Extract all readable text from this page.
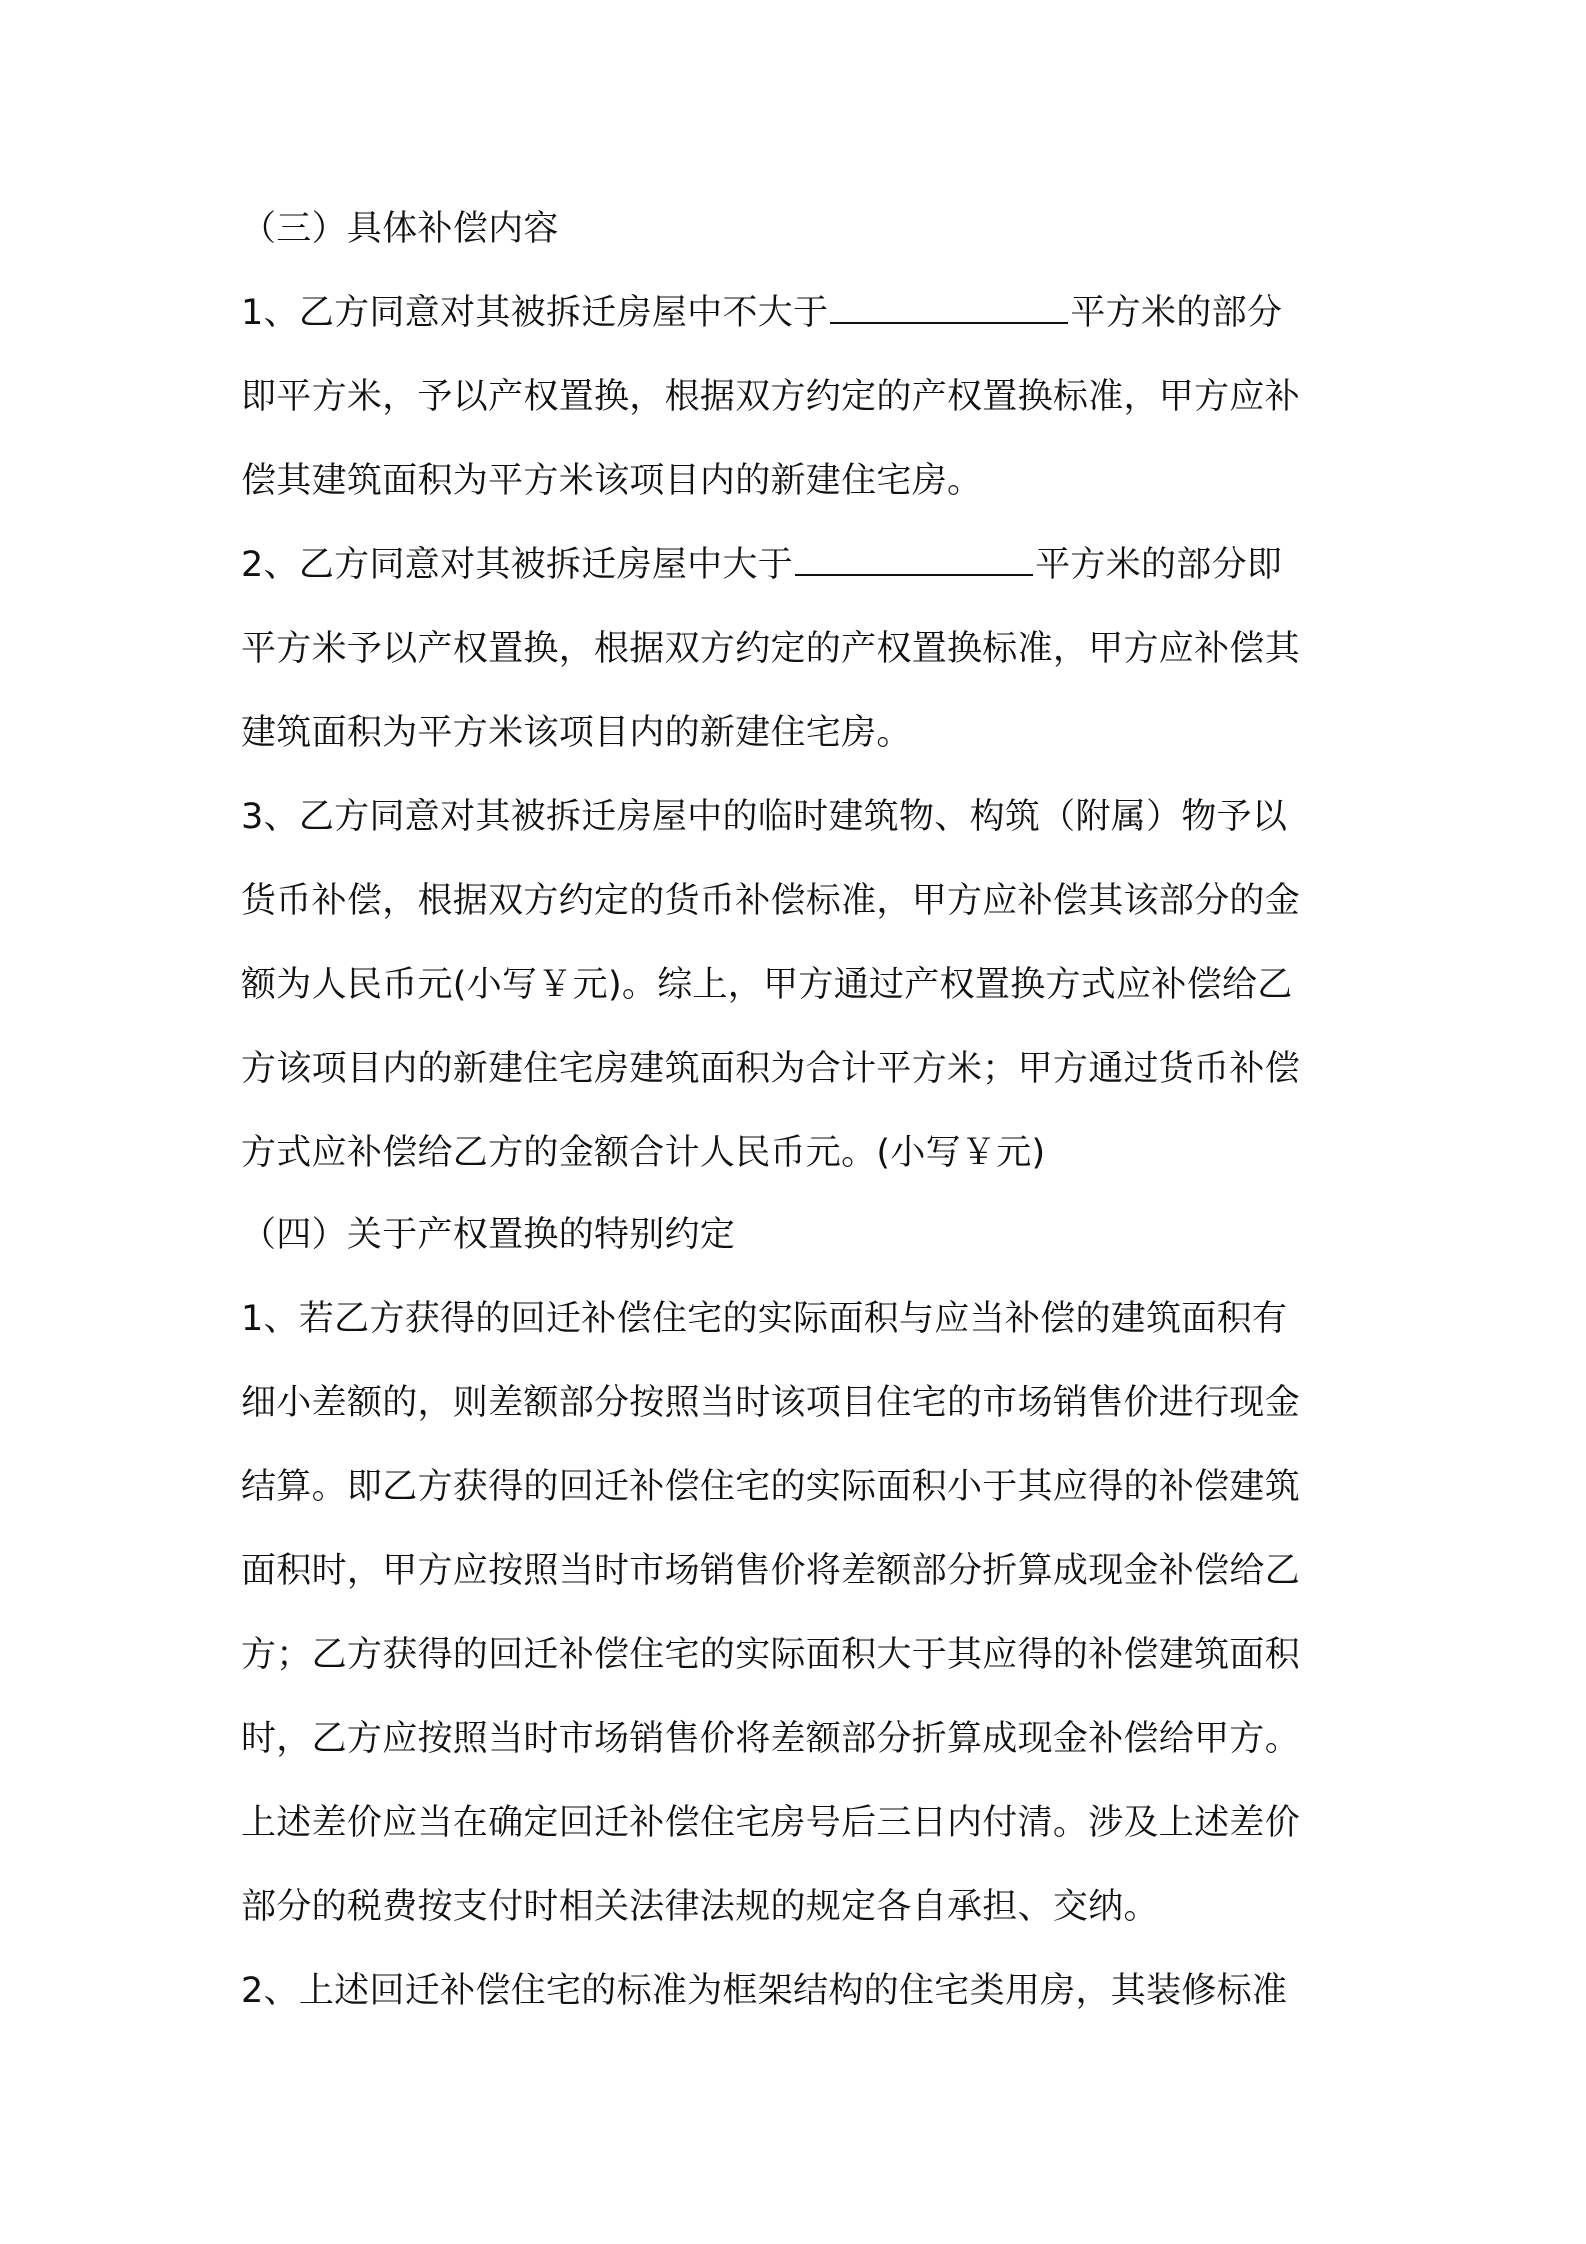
（三）具体补偿内容
1、乙方同意对其被拆迁房屋中不大于	平方米的部分
即平方米，予以产权置换，根据双方约定的产权置换标准，甲方应补
偿其建筑面积为平方米该项目内的新建住宅房。
2、乙方同意对其被拆迁房屋中大于	平方米的部分即
平方米予以产权置换，根据双方约定的产权置换标准，甲方应补偿其
建筑面积为平方米该项目内的新建住宅房。
3、乙方同意对其被拆迁房屋中的临时建筑物、构筑（附属）物予以
货币补偿，根据双方约定的货币补偿标准，甲方应补偿其该部分的金
额为人民币元(小写￥元)。综上，甲方通过产权置换方式应补偿给乙
方该项目内的新建住宅房建筑面积为合计平方米；甲方通过货币补偿
方式应补偿给乙方的金额合计人民币元。(小写￥元)
（四）关于产权置换的特别约定
1、若乙方获得的回迁补偿住宅的实际面积与应当补偿的建筑面积有
细小差额的，则差额部分按照当时该项目住宅的市场销售价进行现金
结算。即乙方获得的回迁补偿住宅的实际面积小于其应得的补偿建筑
面积时，甲方应按照当时市场销售价将差额部分折算成现金补偿给乙
方；乙方获得的回迁补偿住宅的实际面积大于其应得的补偿建筑面积
时，乙方应按照当时市场销售价将差额部分折算成现金补偿给甲方。
上述差价应当在确定回迁补偿住宅房号后三日内付清。涉及上述差价
部分的税费按支付时相关法律法规的规定各自承担、交纳。
2、上述回迁补偿住宅的标准为框架结构的住宅类用房，其装修标准
